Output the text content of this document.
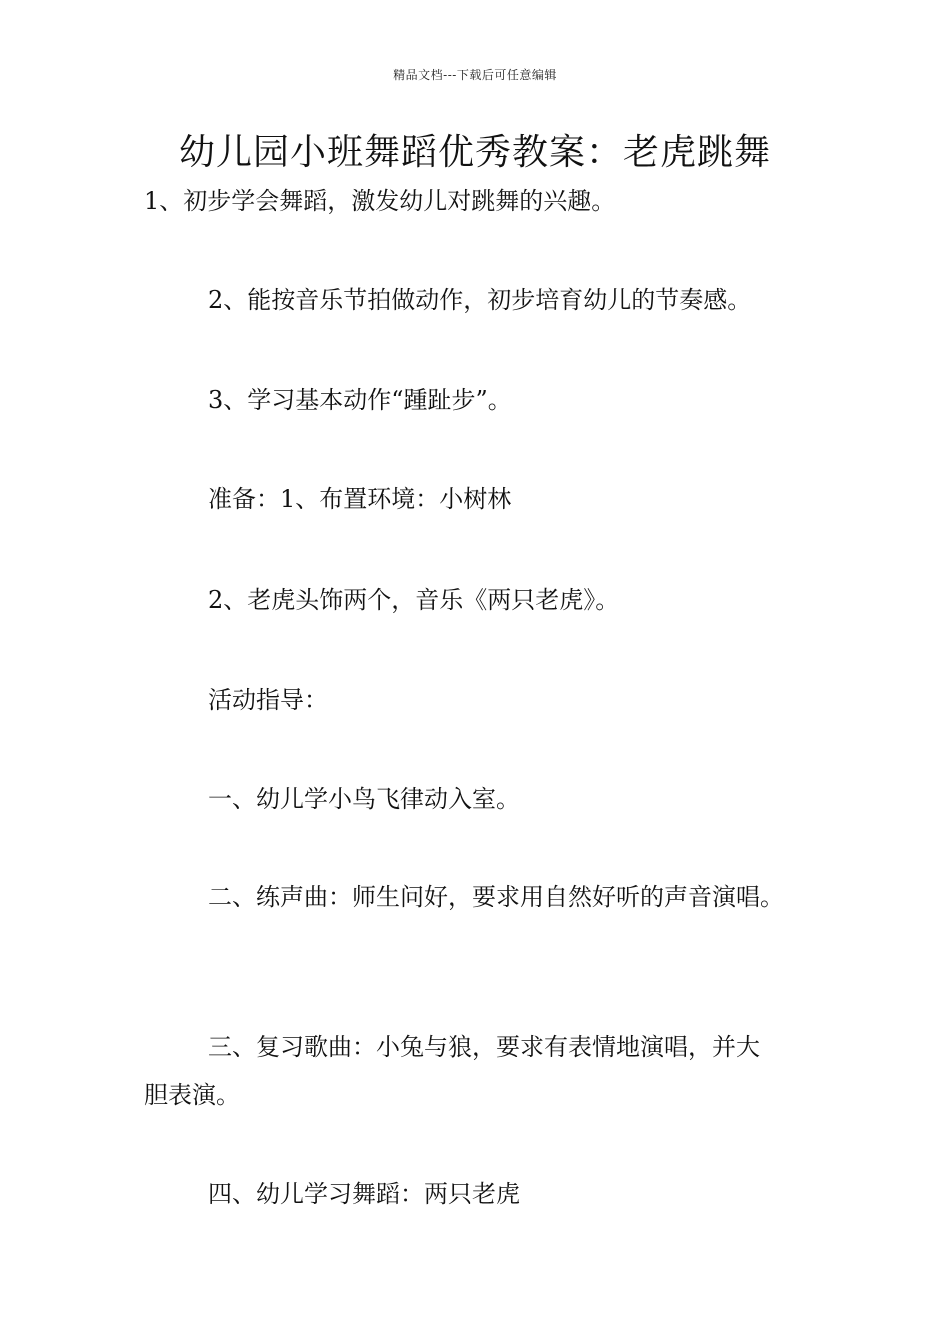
精品文档---下载后可任意编辑
幼儿园小班舞蹈优秀教案：老虎跳舞
1、初步学会舞蹈，激发幼儿对跳舞的兴趣。
2、能按音乐节拍做动作，初步培育幼儿的节奏感。
3、学习基本动作“踵趾步”。
准备：1、布置环境：小树林
2、老虎头饰两个，音乐《两只老虎》。
活动指导：
一、幼儿学小鸟飞律动入室。
二、练声曲：师生问好，要求用自然好听的声音演唱。
三、复习歌曲：小兔与狼，要求有表情地演唱，并大
胆表演。
四、幼儿学习舞蹈：两只老虎
